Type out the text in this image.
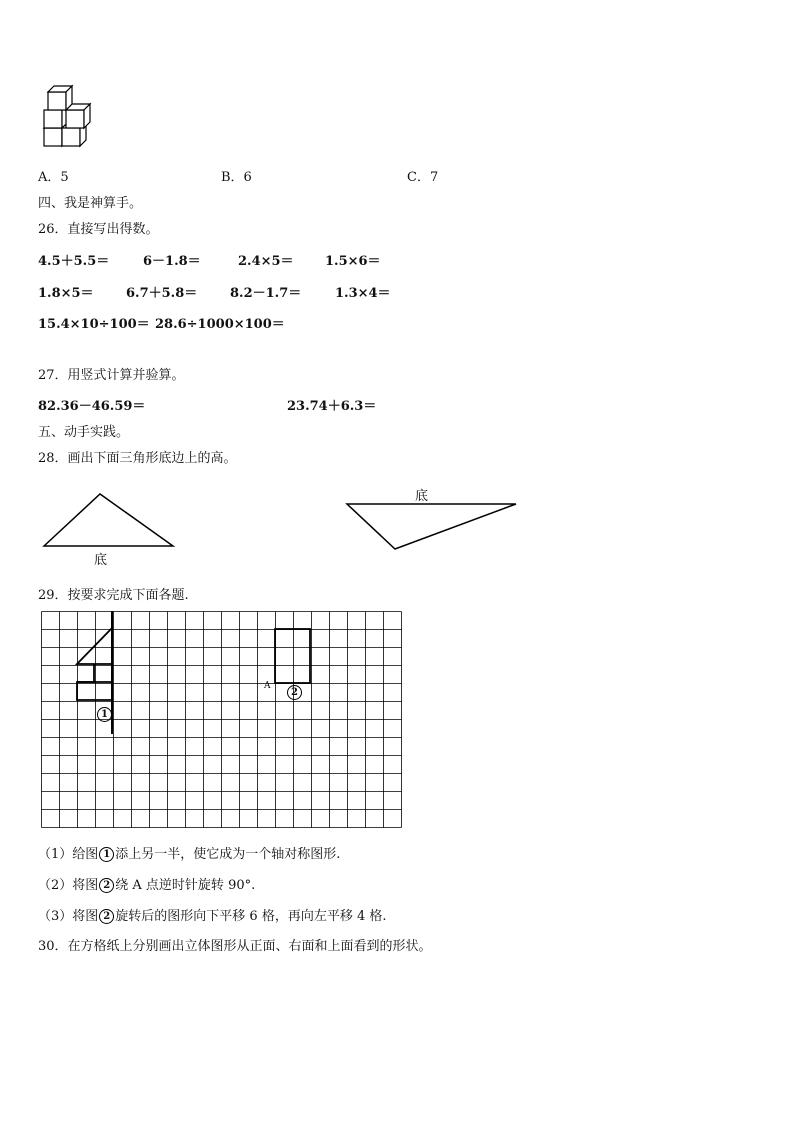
A．5	B．6	C．7
四、我是神算手。
26．直接写出得数。
4.5＋5.5＝	6－1.8＝	2.4×5＝ 1.5×6＝
1.8×5＝ 6.7＋5.8＝	8.2－1.7＝	1.3×4＝
15.4×10÷100＝ 28.6÷1000×100＝
27．用竖式计算并验算。
82.36－46.59＝	23.74＋6.3＝
五、动手实践。
28．画出下面三角形底边上的高。
底
底
29．按要求完成下面各题.
1
2
A
（1）给图 1 添上另一半，使它成为一个轴对称图形.
（2）将图 2 绕 A 点逆时针旋转 90°.
（3）将图 2 旋转后的图形向下平移 6 格，再向左平移 4 格.
30．在方格纸上分别画出立体图形从正面、右面和上面看到的形状。
